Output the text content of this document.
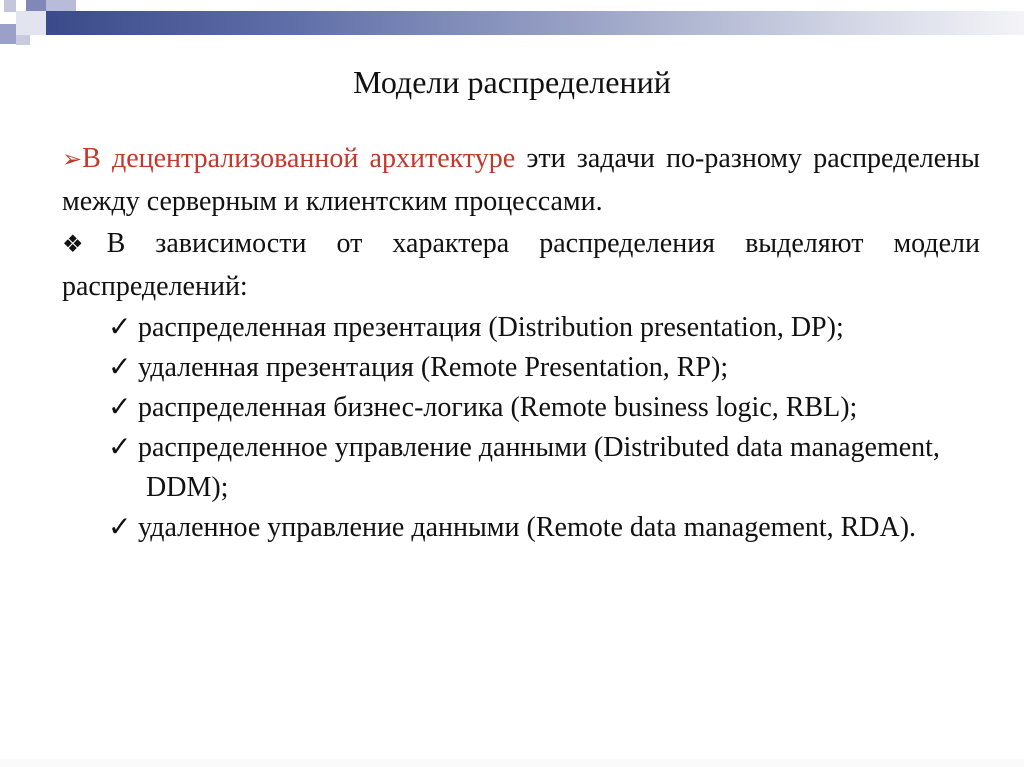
Модели распределений
➢В децентрализованной архитектуре эти задачи по-разному распределены между серверным и клиентским процессами.
❖В зависимости от характера распределения выделяют модели распределений:
✓ распределенная презентация (Distribution presentation, DP);
✓ удаленная презентация (Remote Presentation, RP);
✓ распределенная бизнес-логика (Remote business logic, RBL);
✓ распределенное управление данными (Distributed data management, DDM);
✓ удаленное управление данными (Remote data management, RDA).
